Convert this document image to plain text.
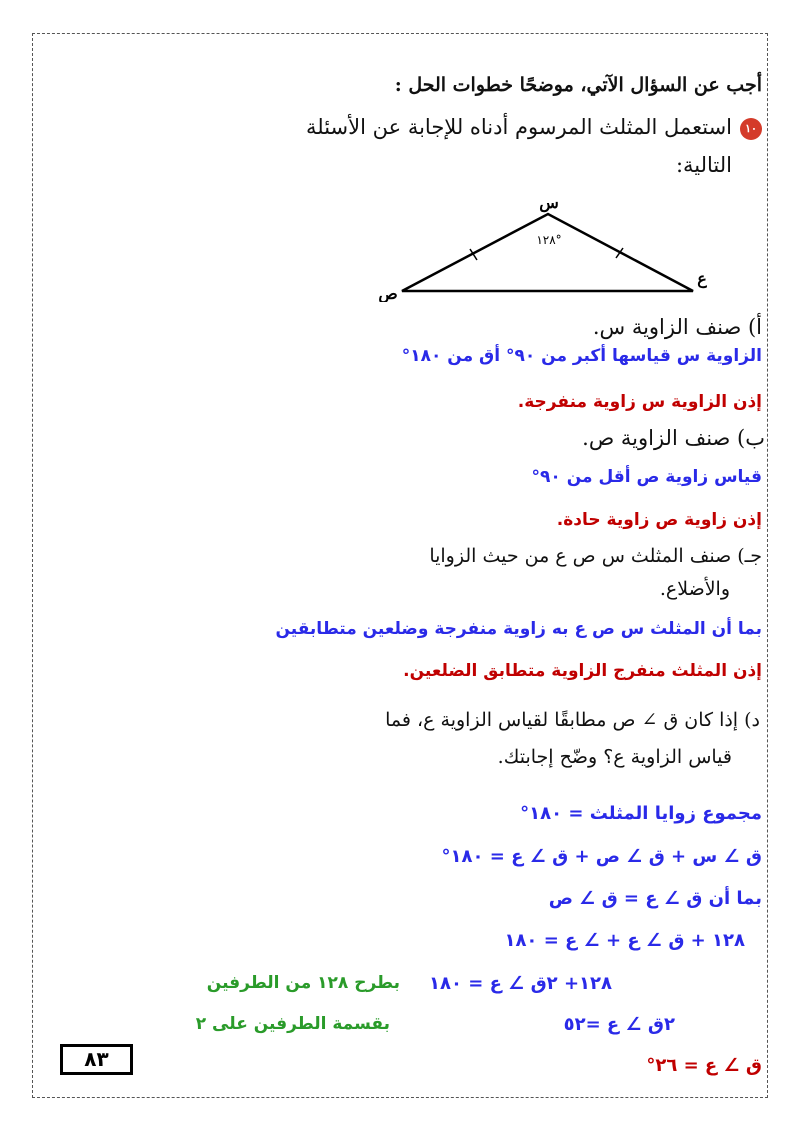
أجب عن السؤال الآتي، موضحًا خطوات الحل :
١٠استعمل المثلث المرسوم أدناه للإجابة عن الأسئلة
التالية:
س
ص
ع
°١٢٨
أ) صنف الزاوية س.
الزاوية س قياسها أكبر من ٩٠° أق من ١٨٠°
إذن الزاوية س زاوية منفرجة.
ب) صنف الزاوية ص.
قياس زاوية ص أقل من ٩٠°
إذن زاوية ص زاوية حادة.
جـ) صنف المثلث س ص ع من حيث الزوايا
والأضلاع.
بما أن المثلث س ص ع به زاوية منفرجة وضلعين متطابقين
إذن المثلث منفرج الزاوية متطابق الضلعين.
د) إذا كان ق ∠ ص مطابقًا لقياس الزاوية ع، فما
قياس الزاوية ع؟ وضّح إجابتك.
مجموع زوايا المثلث = ١٨٠°
ق ∠ س + ق ∠ ص + ق ∠ ع = ١٨٠°
بما أن ق ∠ ع = ق ∠ ص
١٢٨ + ق ∠ ع + ∠ ع = ١٨٠
١٢٨+ ٢ق ∠ ع = ١٨٠
بطرح ١٢٨ من الطرفين
٢ق ∠ ع =٥٢
بقسمة الطرفين على ٢
ق ∠ ع = ٢٦°
٨٣
